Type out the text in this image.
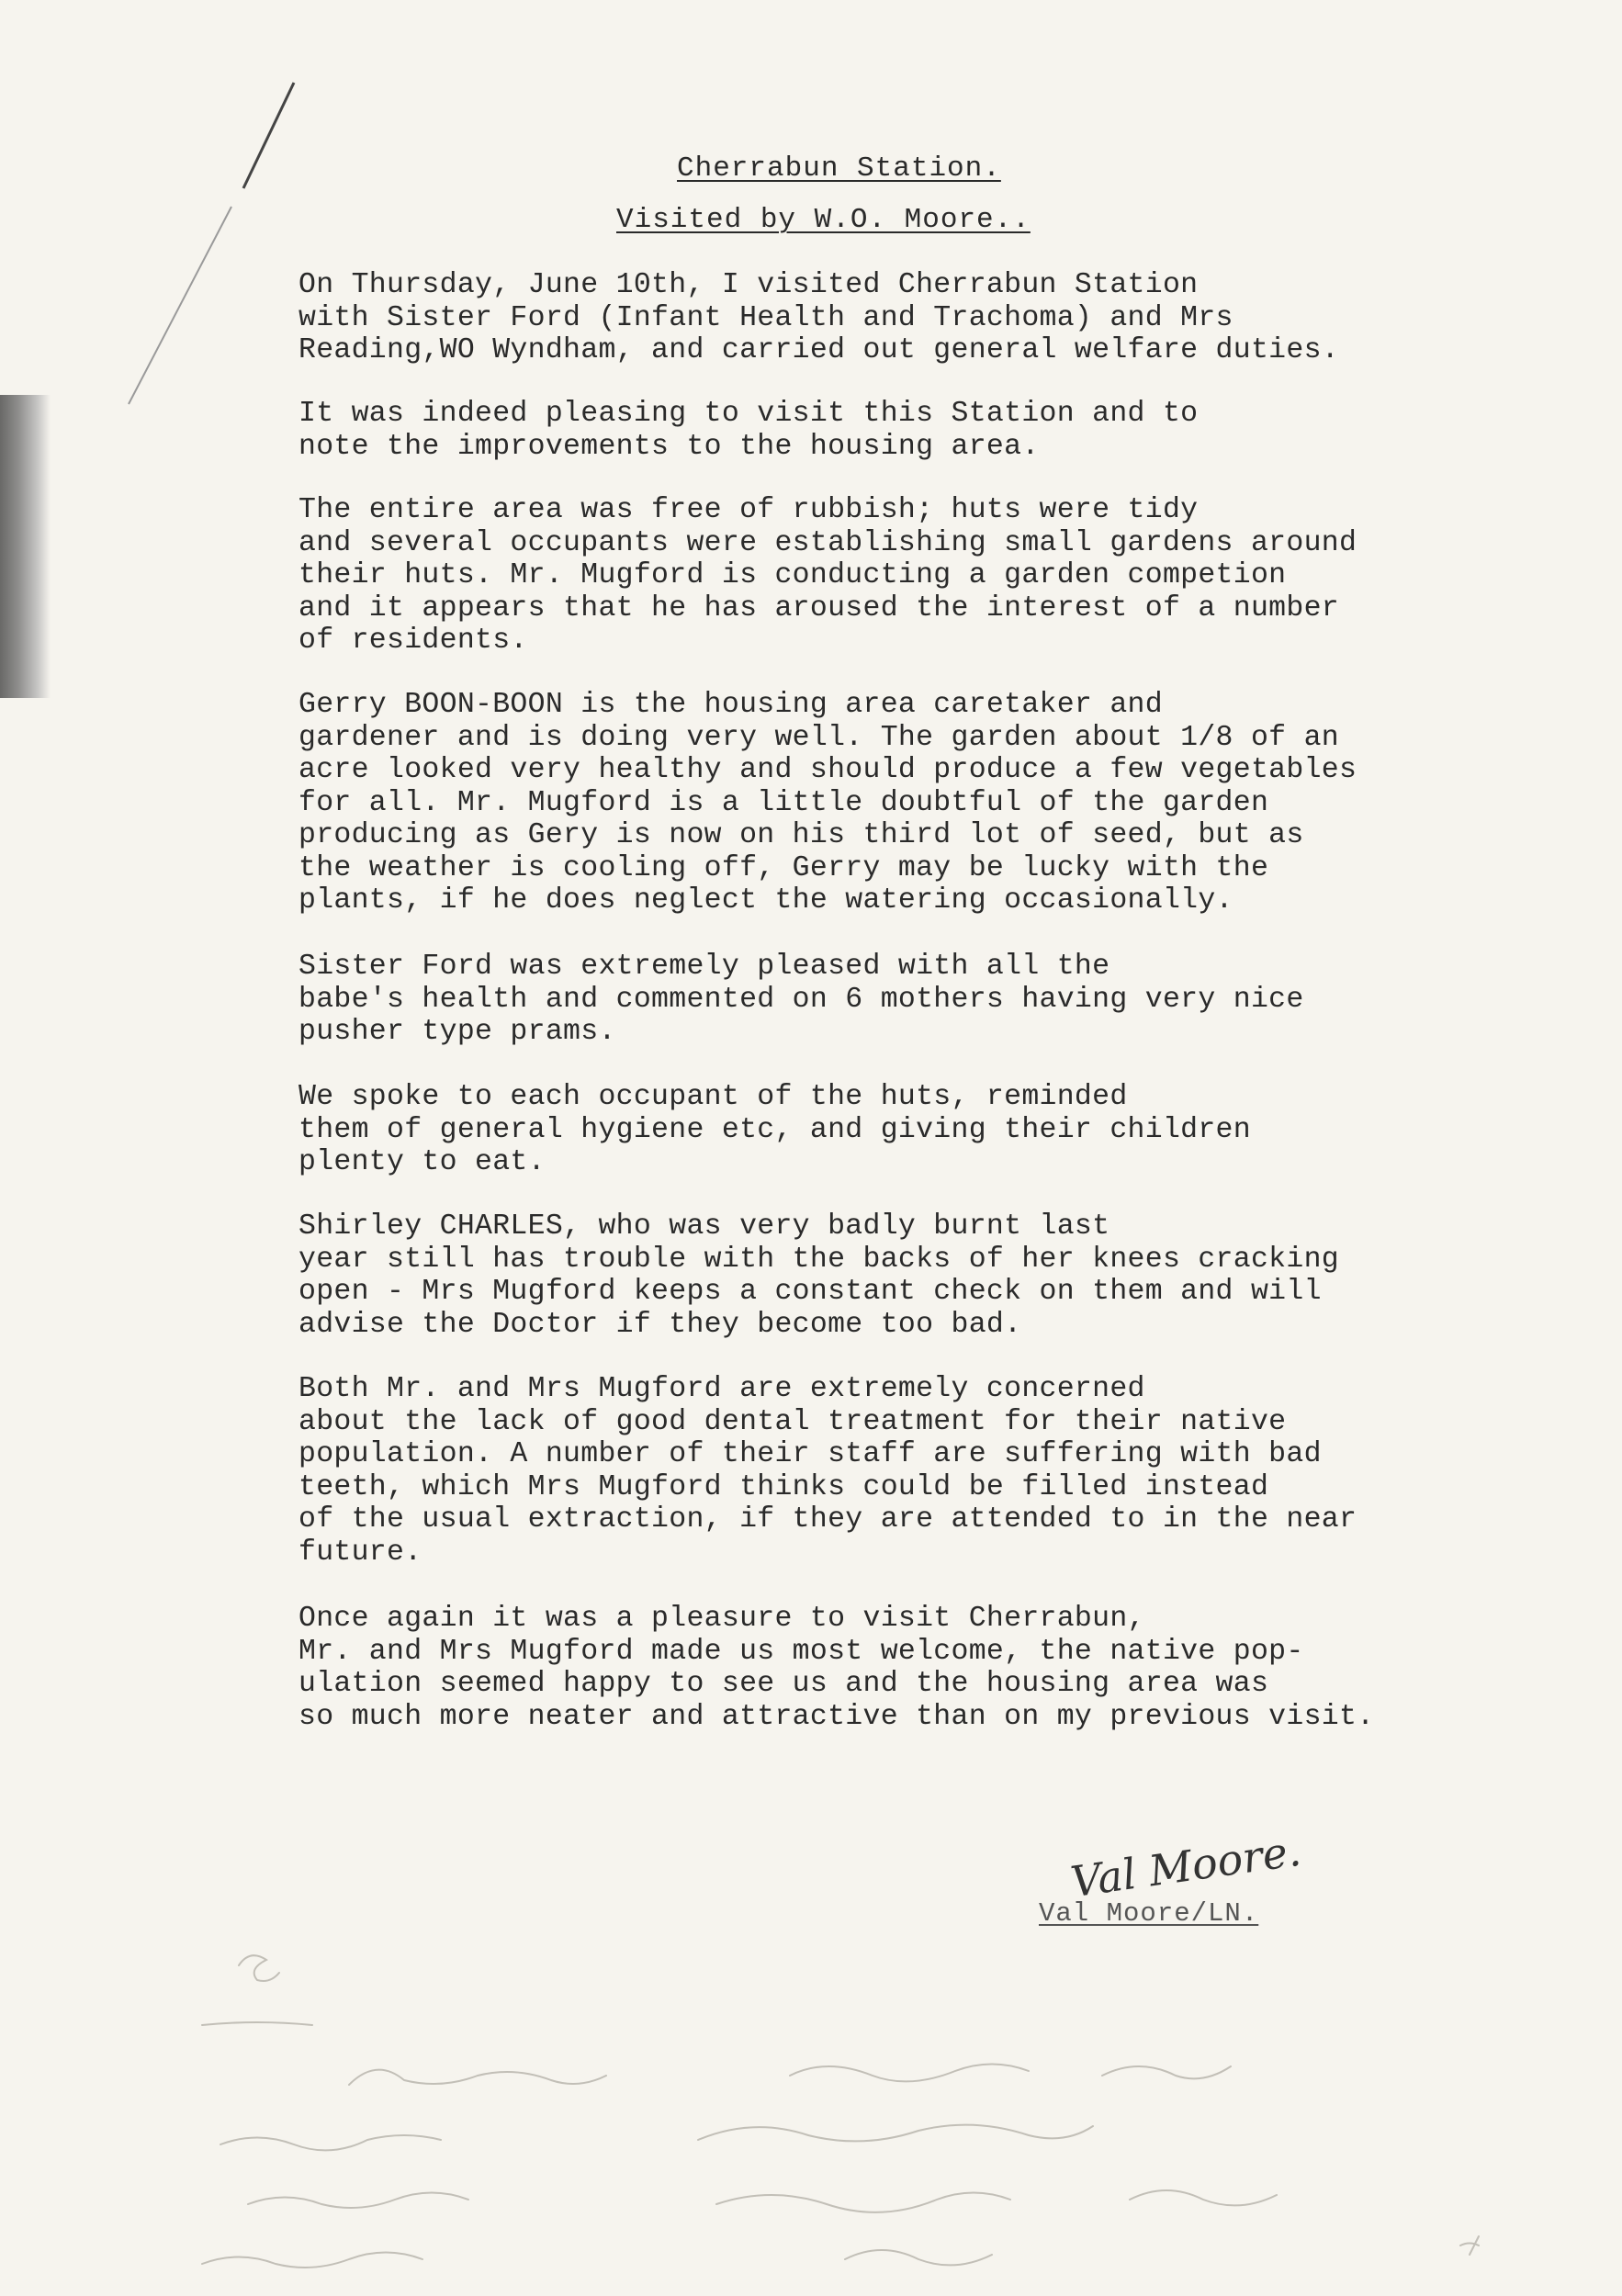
Cherrabun Station.
Visited by W.O. Moore..
On Thursday, June 10th, I visited Cherrabun Station
with Sister Ford (Infant Health and Trachoma) and Mrs
Reading,WO Wyndham, and carried out general welfare duties.
It was indeed pleasing to visit this Station and to
note the improvements to the housing area.
The entire area was free of rubbish; huts were tidy
and several occupants were establishing small gardens around
their huts. Mr. Mugford is conducting a garden competion
and it appears that he has aroused the interest of a number
of residents.
Gerry BOON-BOON is the housing area caretaker and
gardener and is doing very well. The garden about 1/8 of an
acre looked very healthy and should produce a few vegetables
for all. Mr. Mugford is a little doubtful of the garden
producing as Gery is now on his third lot of seed, but as
the weather is cooling off, Gerry may be lucky with the
plants, if he does neglect the watering occasionally.
Sister Ford was extremely pleased with all the
babe's health and commented on 6 mothers having very nice
pusher type prams.
We spoke to each occupant of the huts, reminded
them of general hygiene etc, and giving their children
plenty to eat.
Shirley CHARLES, who was very badly burnt last
year still has trouble with the backs of her knees cracking
open - Mrs Mugford keeps a constant check on them and will
advise the Doctor if they become too bad.
Both Mr. and Mrs Mugford are extremely concerned
about the lack of good dental treatment for their native
population. A number of their staff are suffering with bad
teeth, which Mrs Mugford thinks could be filled instead
of the usual extraction, if they are attended to in the near
future.
Once again it was a pleasure to visit Cherrabun,
Mr. and Mrs Mugford made us most welcome, the native pop-
ulation seemed happy to see us and the housing area was
so much more neater and attractive than on my previous visit.
Val Moore.
Val Moore/LN.
